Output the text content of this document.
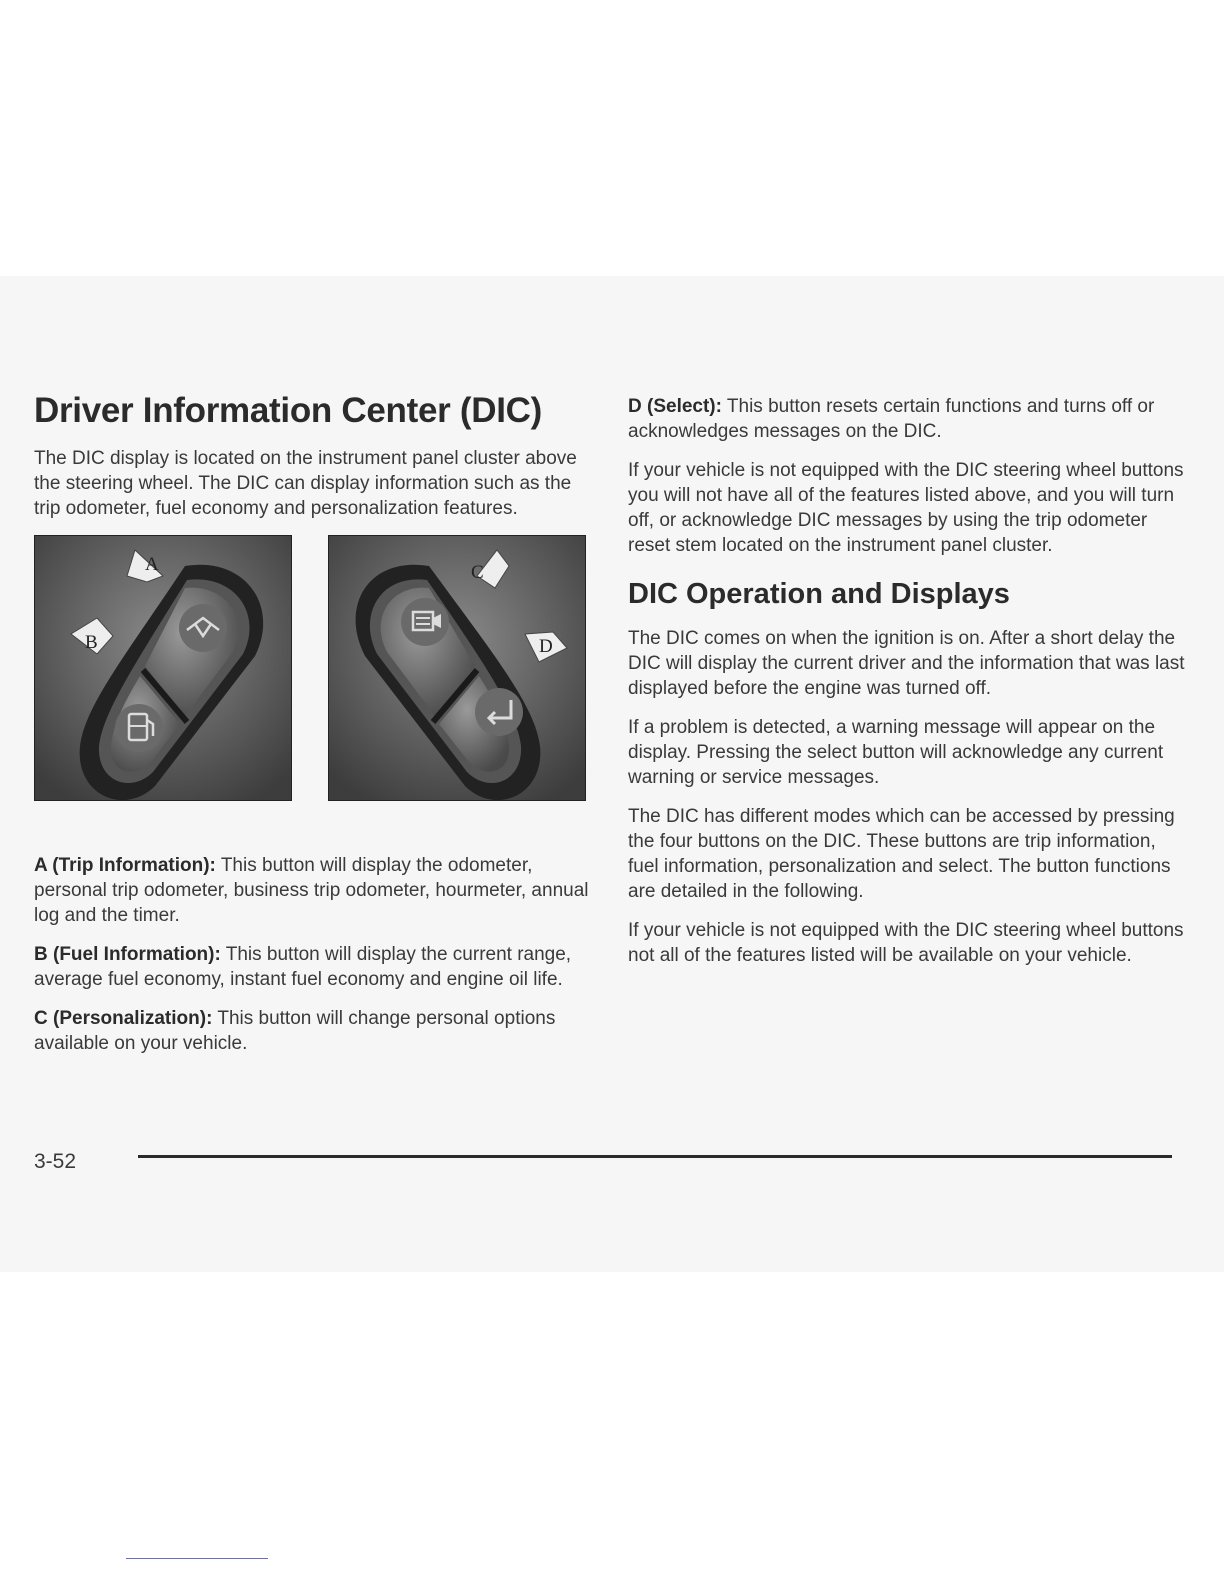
Driver Information Center (DIC)

The DIC display is located on the instrument panel cluster above the steering wheel. The DIC can display information such as the trip odometer, fuel economy and personalization features.

A
B
C
D

A (Trip Information): This button will display the odometer, personal trip odometer, business trip odometer, hourmeter, annual log and the timer.

B (Fuel Information): This button will display the current range, average fuel economy, instant fuel economy and engine oil life.

C (Personalization): This button will change personal options available on your vehicle.

D (Select): This button resets certain functions and turns off or acknowledges messages on the DIC.

If your vehicle is not equipped with the DIC steering wheel buttons you will not have all of the features listed above, and you will turn off, or acknowledge DIC messages by using the trip odometer reset stem located on the instrument panel cluster.

DIC Operation and Displays

The DIC comes on when the ignition is on. After a short delay the DIC will display the current driver and the information that was last displayed before the engine was turned off.

If a problem is detected, a warning message will appear on the display. Pressing the select button will acknowledge any current warning or service messages.

The DIC has different modes which can be accessed by pressing the four buttons on the DIC. These buttons are trip information, fuel information, personalization and select. The button functions are detailed in the following.

If your vehicle is not equipped with the DIC steering wheel buttons not all of the features listed will be available on your vehicle.

3-52
